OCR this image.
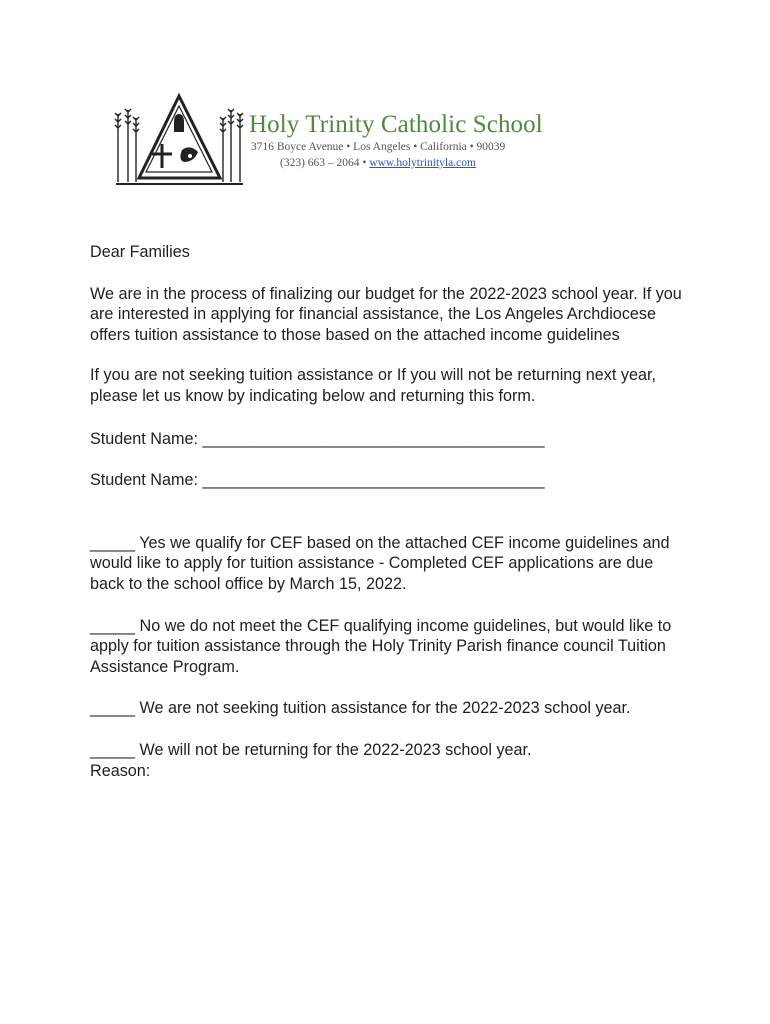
Holy Trinity Catholic School
3716 Boyce Avenue • Los Angeles • California • 90039
(323) 663 – 2064 • www.holytrinityla.com

Dear Families

We are in the process of finalizing our budget for the 2022-2023 school year. If you are interested in applying for financial assistance, the Los Angeles Archdiocese offers tuition assistance to those based on the attached income guidelines

If you are not seeking tuition assistance or If you will not be returning next year, please let us know by indicating below and returning this form.

Student Name: ______________________________________

Student Name: ______________________________________

_____ Yes we qualify for CEF based on the attached CEF income guidelines and would like to apply for tuition assistance - Completed CEF applications are due back to the school office by March 15, 2022.

_____ No we do not meet the CEF qualifying income guidelines, but would like to apply for tuition assistance through the Holy Trinity Parish finance council Tuition Assistance Program.

_____ We are not seeking tuition assistance for the 2022-2023 school year.

_____ We will not be returning for the 2022-2023 school year.

Reason:
